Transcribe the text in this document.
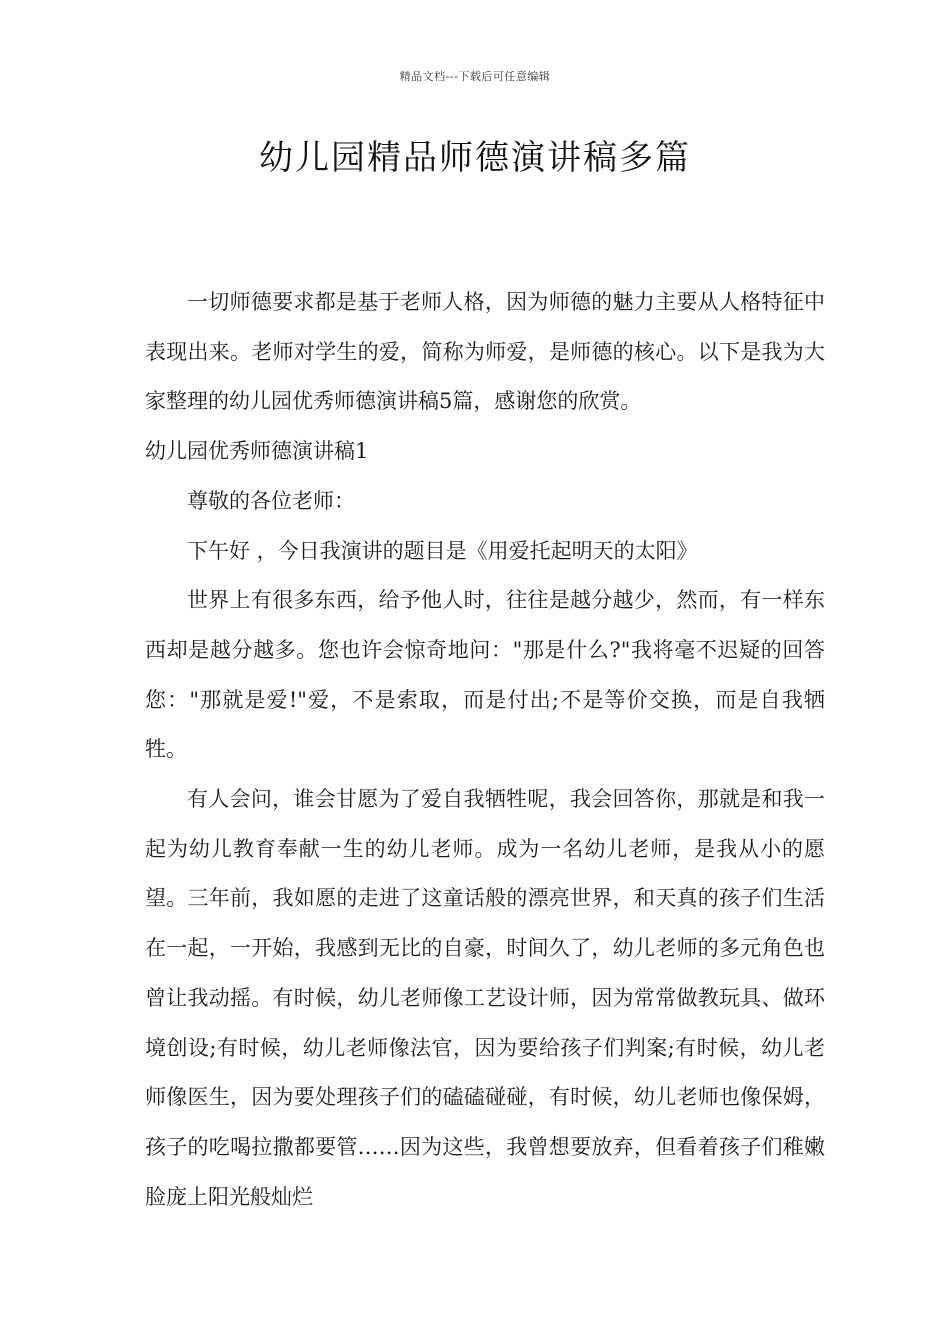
精品文档---下载后可任意编辑
幼儿园精品师德演讲稿多篇

一切师德要求都是基于老师人格，因为师德的魅力主要从人格特征中表现出来。老师对学生的爱，简称为师爱，是师德的核心。以下是我为大家整理的幼儿园优秀师德演讲稿5篇，感谢您的欣赏。

幼儿园优秀师德演讲稿1

尊敬的各位老师：

下午好 ，今日我演讲的题目是《用爱托起明天的太阳》

世界上有很多东西，给予他人时，往往是越分越少，然而，有一样东西却是越分越多。您也许会惊奇地问："那是什么?"我将毫不迟疑的回答您："那就是爱!"爱，不是索取，而是付出;不是等价交换，而是自我牺牲。

有人会问，谁会甘愿为了爱自我牺牲呢，我会回答你，那就是和我一起为幼儿教育奉献一生的幼儿老师。成为一名幼儿老师，是我从小的愿望。三年前，我如愿的走进了这童话般的漂亮世界，和天真的孩子们生活在一起，一开始，我感到无比的自豪，时间久了，幼儿老师的多元角色也曾让我动摇。有时候，幼儿老师像工艺设计师，因为常常做教玩具、做环境创设;有时候，幼儿老师像法官，因为要给孩子们判案;有时候，幼儿老师像医生，因为要处理孩子们的磕磕碰碰，有时候，幼儿老师也像保姆，孩子的吃喝拉撒都要管……因为这些，我曾想要放弃，但看着孩子们稚嫩脸庞上阳光般灿烂
